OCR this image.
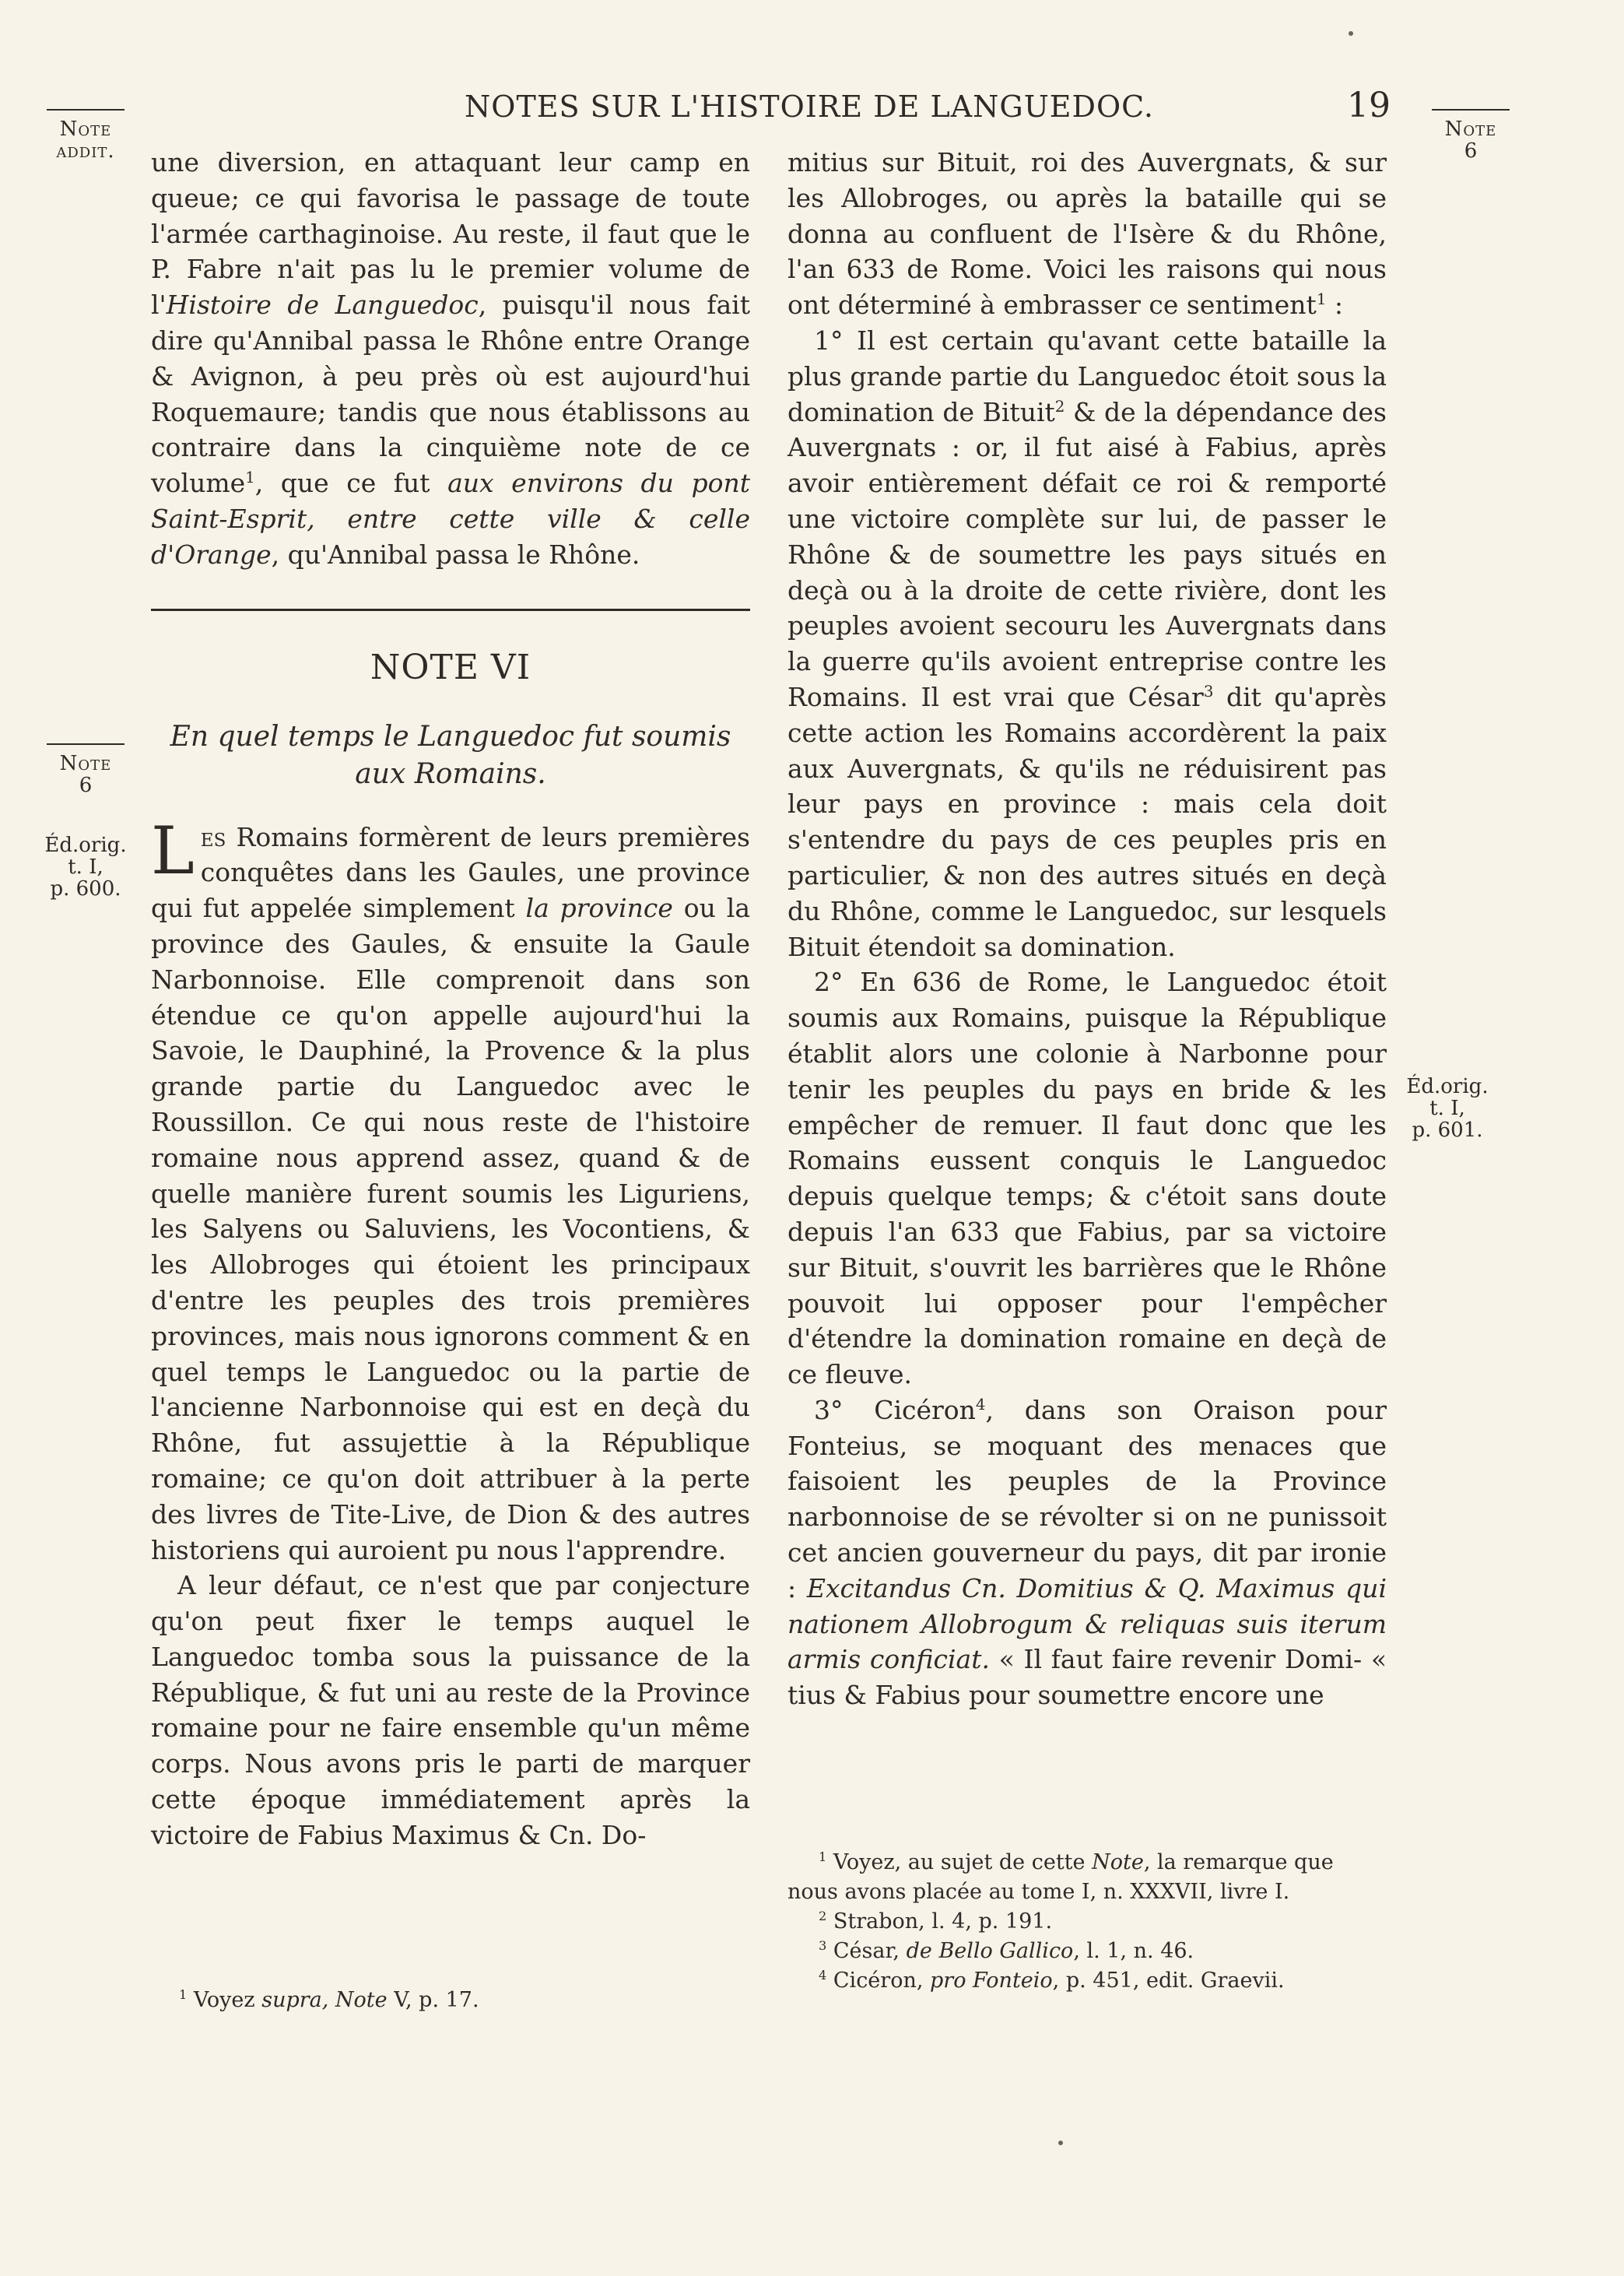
NOTES SUR L'HISTOIRE DE LANGUEDOC.	19
Note
addit.
Note
6
Note
6
Éd.orig.
t. I,
p. 600.
Éd.orig.
t. I,
p. 601.

une diversion, en attaquant leur camp en queue; ce qui favorisa le passage de toute l'armée carthaginoise. Au reste, il faut que le P. Fabre n'ait pas lu le premier volume de l'Histoire de Languedoc, puisqu'il nous fait dire qu'Annibal passa le Rhône entre Orange & Avignon, à peu près où est aujourd'hui Roquemaure; tandis que nous établissons au contraire dans la cinquième note de ce volume$^1$, que ce fut aux environs du pont Saint-Esprit, entre cette ville & celle d'Orange, qu'Annibal passa le Rhône.

NOTE VI
En quel temps le Languedoc fut soumis aux Romains.

Les Romains formèrent de leurs premières conquêtes dans les Gaules, une province qui fut appelée simplement la province ou la province des Gaules, & ensuite la Gaule Narbonnoise. Elle comprenoit dans son étendue ce qu'on appelle aujourd'hui la Savoie, le Dauphiné, la Provence & la plus grande partie du Languedoc avec le Roussillon. Ce qui nous reste de l'histoire romaine nous apprend assez, quand & de quelle manière furent soumis les Liguriens, les Salyens ou Saluviens, les Vocontiens, & les Allobroges qui étoient les principaux d'entre les peuples des trois premières provinces, mais nous ignorons comment & en quel temps le Languedoc ou la partie de l'ancienne Narbonnoise qui est en deçà du Rhône, fut assujettie à la République romaine; ce qu'on doit attribuer à la perte des livres de Tite-Live, de Dion & des autres historiens qui auroient pu nous l'apprendre.

A leur défaut, ce n'est que par conjecture qu'on peut fixer le temps auquel le Languedoc tomba sous la puissance de la République, & fut uni au reste de la Province romaine pour ne faire ensemble qu'un même corps. Nous avons pris le parti de marquer cette époque immédiatement après la victoire de Fabius Maximus & Cn. Do-

$^1$ Voyez supra, Note V, p. 17.

mitius sur Bituit, roi des Auvergnats, & sur les Allobroges, ou après la bataille qui se donna au confluent de l'Isère & du Rhône, l'an 633 de Rome. Voici les raisons qui nous ont déterminé à embrasser ce sentiment$^1$ :

1° Il est certain qu'avant cette bataille la plus grande partie du Languedoc étoit sous la domination de Bituit$^2$ & de la dépendance des Auvergnats : or, il fut aisé à Fabius, après avoir entièrement défait ce roi & remporté une victoire complète sur lui, de passer le Rhône & de soumettre les pays situés en deçà ou à la droite de cette rivière, dont les peuples avoient secouru les Auvergnats dans la guerre qu'ils avoient entreprise contre les Romains. Il est vrai que César$^3$ dit qu'après cette action les Romains accordèrent la paix aux Auvergnats, & qu'ils ne réduisirent pas leur pays en province : mais cela doit s'entendre du pays de ces peuples pris en particulier, & non des autres situés en deçà du Rhône, comme le Languedoc, sur lesquels Bituit étendoit sa domination.

2° En 636 de Rome, le Languedoc étoit soumis aux Romains, puisque la République établit alors une colonie à Narbonne pour tenir les peuples du pays en bride & les empêcher de remuer. Il faut donc que les Romains eussent conquis le Languedoc depuis quelque temps; & c'étoit sans doute depuis l'an 633 que Fabius, par sa victoire sur Bituit, s'ouvrit les barrières que le Rhône pouvoit lui opposer pour l'empêcher d'étendre la domination romaine en deçà de ce fleuve.

3° Cicéron$^4$, dans son Oraison pour Fonteius, se moquant des menaces que faisoient les peuples de la Province narbonnoise de se révolter si on ne punissoit cet ancien gouverneur du pays, dit par ironie : Excitandus Cn. Domitius & Q. Maximus qui nationem Allobrogum & reliquas suis iterum armis conficiat. « Il faut faire revenir Domi- « tius & Fabius pour soumettre encore une

$^1$ Voyez, au sujet de cette Note, la remarque que nous avons placée au tome I, n. XXXVII, livre I.

$^2$ Strabon, l. 4, p. 191.

$^3$ César, de Bello Gallico, l. 1, n. 46.

$^4$ Cicéron, pro Fonteio, p. 451, edit. Graevii.
